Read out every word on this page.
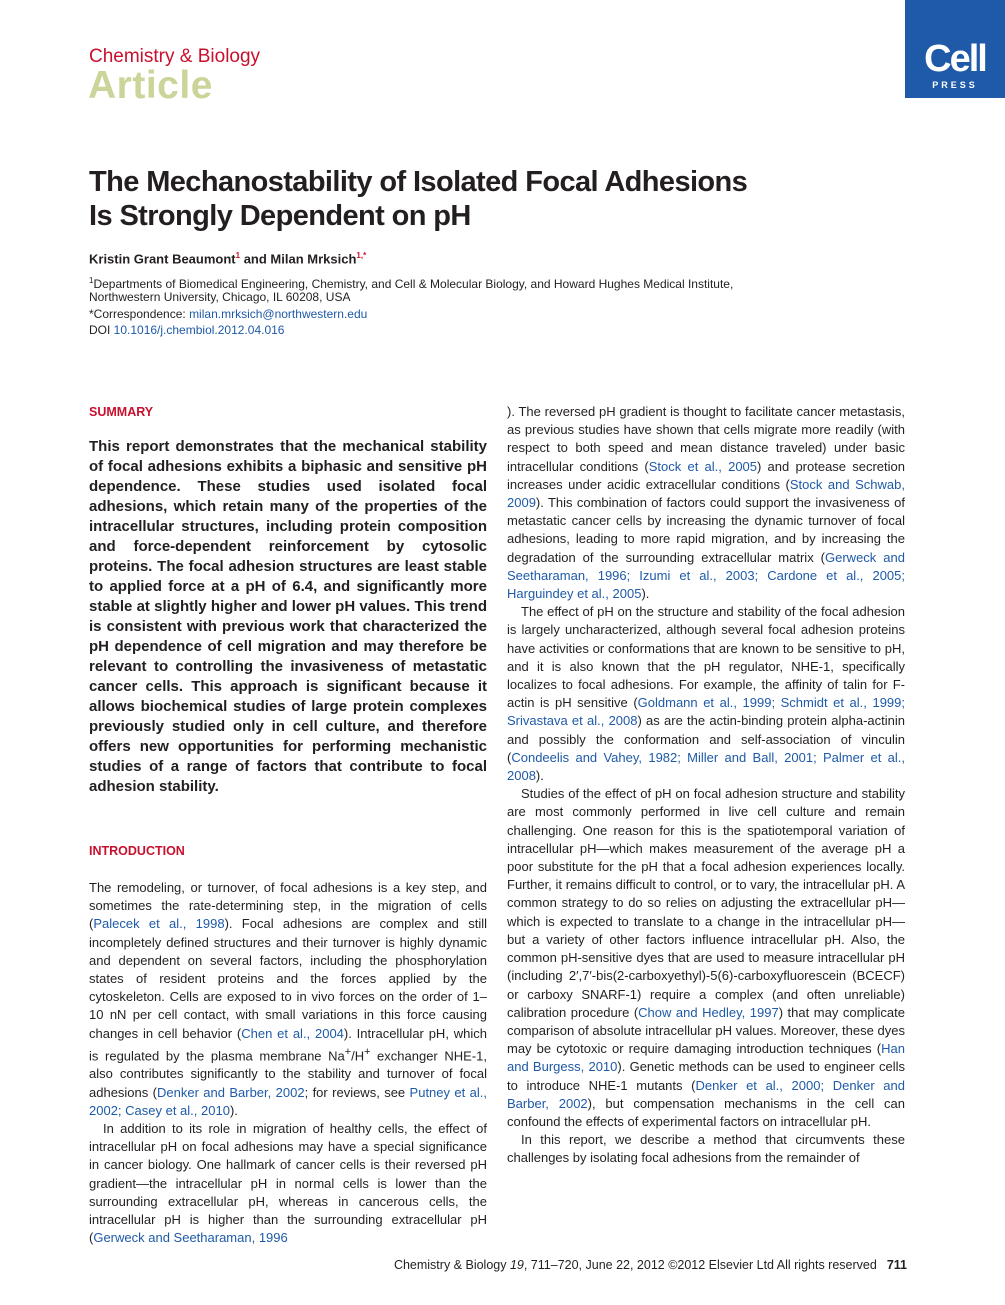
Chemistry & Biology
Article
Cell
PRESS
The Mechanostability of Isolated Focal Adhesions
Is Strongly Dependent on pH
Kristin Grant Beaumont$^1$ and Milan Mrksich$^{1,*}$
$^1$Departments of Biomedical Engineering, Chemistry, and Cell & Molecular Biology, and Howard Hughes Medical Institute,
Northwestern University, Chicago, IL 60208, USA
*Correspondence: milan.mrksich@northwestern.edu
DOI 10.1016/j.chembiol.2012.04.016
SUMMARY
This report demonstrates that the mechanical stability of focal adhesions exhibits a biphasic and sensitive pH dependence. These studies used isolated focal adhesions, which retain many of the properties of the intracellular structures, including protein composition and force-dependent reinforcement by cytosolic proteins. The focal adhesion structures are least stable to applied force at a pH of 6.4, and significantly more stable at slightly higher and lower pH values. This trend is consistent with previous work that characterized the pH dependence of cell migration and may therefore be relevant to controlling the invasiveness of metastatic cancer cells. This approach is significant because it allows biochemical studies of large protein complexes previously studied only in cell culture, and therefore offers new opportunities for performing mechanistic studies of a range of factors that contribute to focal adhesion stability.
INTRODUCTION

The remodeling, or turnover, of focal adhesions is a key step, and sometimes the rate-determining step, in the migration of cells (Palecek et al., 1998). Focal adhesions are complex and still incompletely defined structures and their turnover is highly dynamic and dependent on several factors, including the phosphorylation states of resident proteins and the forces applied by the cytoskeleton. Cells are exposed to in vivo forces on the order of 1–10 nN per cell contact, with small variations in this force causing changes in cell behavior (Chen et al., 2004). Intracellular pH, which is regulated by the plasma membrane Na+/H+ exchanger NHE-1, also contributes significantly to the stability and turnover of focal adhesions (Denker and Barber, 2002; for reviews, see Putney et al., 2002; Casey et al., 2010).

In addition to its role in migration of healthy cells, the effect of intracellular pH on focal adhesions may have a special significance in cancer biology. One hallmark of cancer cells is their reversed pH gradient—the intracellular pH in normal cells is lower than the surrounding extracellular pH, whereas in cancerous cells, the intracellular pH is higher than the surrounding extracellular pH (Gerweck and Seetharaman, 1996

). The reversed pH gradient is thought to facilitate cancer metastasis, as previous studies have shown that cells migrate more readily (with respect to both speed and mean distance traveled) under basic intracellular conditions (Stock et al., 2005) and protease secretion increases under acidic extracellular conditions (Stock and Schwab, 2009). This combination of factors could support the invasiveness of metastatic cancer cells by increasing the dynamic turnover of focal adhesions, leading to more rapid migration, and by increasing the degradation of the surrounding extracellular matrix (Gerweck and Seetharaman, 1996; Izumi et al., 2003; Cardone et al., 2005; Harguindey et al., 2005).

The effect of pH on the structure and stability of the focal adhesion is largely uncharacterized, although several focal adhesion proteins have activities or conformations that are known to be sensitive to pH, and it is also known that the pH regulator, NHE-1, specifically localizes to focal adhesions. For example, the affinity of talin for F-actin is pH sensitive (Goldmann et al., 1999; Schmidt et al., 1999; Srivastava et al., 2008) as are the actin-binding protein alpha-actinin and possibly the conformation and self-association of vinculin (Condeelis and Vahey, 1982; Miller and Ball, 2001; Palmer et al., 2008).

Studies of the effect of pH on focal adhesion structure and stability are most commonly performed in live cell culture and remain challenging. One reason for this is the spatiotemporal variation of intracellular pH—which makes measurement of the average pH a poor substitute for the pH that a focal adhesion experiences locally. Further, it remains difficult to control, or to vary, the intracellular pH. A common strategy to do so relies on adjusting the extracellular pH—which is expected to translate to a change in the intracellular pH—but a variety of other factors influence intracellular pH. Also, the common pH-sensitive dyes that are used to measure intracellular pH (including 2′,7′-bis(2-carboxyethyl)-5(6)-carboxyfluorescein (BCECF) or carboxy SNARF-1) require a complex (and often unreliable) calibration procedure (Chow and Hedley, 1997) that may complicate comparison of absolute intracellular pH values. Moreover, these dyes may be cytotoxic or require damaging introduction techniques (Han and Burgess, 2010). Genetic methods can be used to engineer cells to introduce NHE-1 mutants (Denker et al., 2000; Denker and Barber, 2002), but compensation mechanisms in the cell can confound the effects of experimental factors on intracellular pH.

In this report, we describe a method that circumvents these challenges by isolating focal adhesions from the remainder of

Chemistry & Biology 19, 711–720, June 22, 2012 ©2012 Elsevier Ltd All rights reserved 711
